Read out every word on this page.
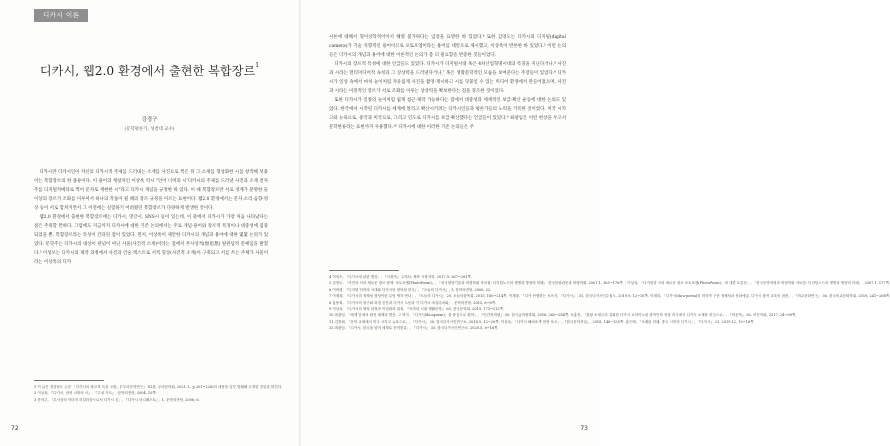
디카시 이론
디카시, 웹2.0 환경에서 출현한 복합장르$^1$
강경구
(문학평론가, 성결대 교수)

디카시란 디카시인이 자신의 디카시적 주제를 드러내는 소재를 사진으로 찍은 뒤 그 소재를 형상화한 시를 창작해 덧붙이는 복합장르의 한 종류이다. 이 용어의 계창자인 이상옥 역시 "언어 너머의 시'디카시의 주제를 드러낸 사진과 소재 전자 주를 디지털카메라로 찍어 문자로 재현한 시"라고 디카시 개념을 규정한 바 있다. 이 때 복합장르란 서로 경계가 분명한 둘 이상의 장르가 조화를 이루어서 하나의 작품이 될 때의 장르 규정을 이르는 표현이다. 웹2.0 환경에서는 문자·소리·음향·영상 등이 서로 합쳐지면서 그 이전에는 실험하기 어려웠던 복합장르가 다양하게 발생한 것이다.

웹2.0 환경에서 출현한 복합장르에는 디카시, 댓글시, SNS시 등이 있는데, 이 중에서 디카시가 가장 처음 나타났다는 점은 주목할 만하다. 그럼에도 지금까지 디카시에 대한 기존 논의에서는 주로 개념·용어와 장르적 특징이나 대중성에 집중되었을 뿐, 복합장르라는 특성이 간과된 점이 있었다. 먼저, 이상옥이 제안한 디카시의 개념과 용어에 대한 몇몇 논의가 있었다. 문학주는 디카시의 대상이 관념이 아닌 사물(사건적 소재)이라는 점에서 무사상적(無思想) 탈관념적 문예임을 밝혔다.³ 이성모는 디카시의 제작 과정에서 사진과 언술 텍스트로 서적 형상(사진적 소재)이 구축되고 서를 쓰는 주체가 사물이라는 이상옥의 디카

1 이 글은 경상남도 논문 「디카시의 장르적 특성 고찰」(『우리문학연구』 81집, 우리문학회, 2021.1., p.201~226)의 내용을 일부 발췌해 수정한 것임을 밝힌다.
2 이상옥, 『디카시, 언어 너머의 시』, 『고성 가도』, 문학의전당, 2004, 10쪽.
3 문학주, 「무사상의 이미지 리얼리즘으로서 디카시 론」, 『디카시 마니페스토』, 1, 문학의전당, 2006, 6.
72

시론에 대해서 형이상학적이어서 해명 불가하다는 입장을 표명한 바 있었다.⁴ 또한 김영도는 디카시의 디지털(digital camera)가 기술 지향적인 용어이므로 포토포엠이라는 용어를 대안으로 제시했고, 이상옥이 반론한 바 있었다.⁵ 이런 논의들은 디카시의 개념과 용어에 대한 이론적인 논의가 좀 더 필요함을 반증한 것들이었다.

디카시의 장르적 특성에 대한 언급들도 있었다. 디카시가 디지털시대 혹은 4차산업혁명시대의 특징을 지닌다거나,⁶ 사진과 시라는 멀티미디어적 속성과 그 상상력을 드러낸다거나,⁷ 혹은 생활문학적인 모습을 보여준다는 주장들이 있었다.⁸ 디카시가 일상 속에서 마치 놀이처럼 자유롭게 사진을 촬영·게시하고 시를 덧붙일 수 있는 미디어 환경에서 만들어졌으며, 사진과 시라는 이질적인 장르가 서로 조화를 이루는 상상력을 확보한다는 점을 강조한 것이었다.

또한 디카시가 일종의 놀이처럼 쉽게 접근·제작 가능하다는 점에서 대중성과 세계적인 보급·확산 운동에 대한 논의도 있었다. 한국에서 시작된 디카시를 세계에 알리고 확산시키려는 디카시인들과 평론가들의 노력을 기록한 것이었다. 미국 시카고와 뉴욕으로, 중국과 미국으로, 그리고 인도로 디카시를 보급·확산했다는 언급들이 있었다.⁹ 최광임은 이런 현상을 두고서 문학한류라는 표현까지 사용했다.¹⁰ 디카시에 대한 이러한 기존 논의들은 주

4 이성모, 「디카시에 관한 명상」, 『시창작』 27(3), 제작 시장지학, 2017.9, 267~281쪽.
5 김영도, 「사진과 시의 새로운 장르 탐색: 포토포엠(PhotoPoem)」, 「한국광학기술과 비평학회 자료집: 디지털노드의 생명과 방향의 미래」 한국문화관문과 비평학회, 2007.1, 165~176쪽. ; 이상옥, 「디지털과 시의 새로운 장르 포토포엠(PhotoPoem)」에 대한 토론문」, 「한국문학비평과 비평학회 자료집: 디지털노드의 생명과 방향의 미래」, 2007.1, 177쪽.
6 이어령, 『디지털 언어의 시대와 디카시의 창학성 한국』, 『오늘의 디카시』, 1, 문학의전당, 2006, 22.
7 이재복, 「디카시의 정체성 형성이란 무엇 생각 만다」, 『오늘의 디카시』 20, 오늘마을목회, 2015, 180~214쪽. 이재복, 「디카 선생하는 시쓰기, 『디카시』, 31, 한국디카시인수집도, 2019.9, 12~18쪽. 이재복, 「디카시(dica-poem)의 미학적 구현 정체성과 문화예술, 디카시 창작 교육의 점변」, 『비교문화연구』 36, 한국비교문화학회, 2019, 241~268쪽.
8 홍용희, 「디카시의 창구와 과정 공간과 디카시 노동과 기 디카시 마일리치와」, 문학의전당, 2015, 6~8쪽.
9 이상옥, 「디카시의 생성 과정과 이념화의 위치, 『독자의 시대 생활문학』 63, 한국문학회, 2019, 173~212쪽.
10 최광임, 「세계 앞에서 원천 세계의 발신, 그 역사, 「디카시(dicapoem)」를 중심으로 원어」, 『인간과비평』 50, 한국글비평학회, 2016, 265~284쪽. 오홍진, 「관광 소재주의 설회한 디카시 코리아노를 창작인학 현장 미국에서 디카시 소재를 중심으로」, 『어문학』 82, 어문학회, 2017, 24~58쪽.
11 김종회, 「문학 교재에서 미국 시카고 뉴욕으로」, 『디카시』 20, 한국디카시인연구소, 2018.9, 12~20쪽. 이상옥, 「디카시 해외소개 현장 보고」, 『한국문학저널』, 2018, 148~155쪽. 홍은택, 「오래된 미래, 중국 시안의 디카시」, 『디카시』 21, 2019.12, 10~16쪽.
12 최광임, 「디카시, 한국을 넘어 세계로 문학한류」, 『디카시』 33, 한국디카시인연구소, 2020.5, 8~16쪽.
73
